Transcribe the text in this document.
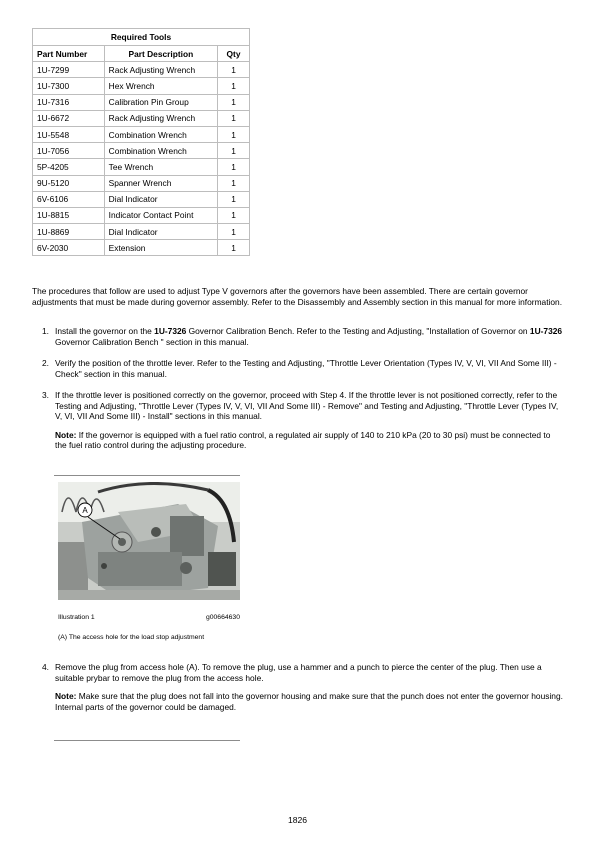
Required Tools		
Part Number	Part Description	Qty
1U-7299	Rack Adjusting Wrench	1
1U-7300	Hex Wrench	1
1U-7316	Calibration Pin Group	1
1U-6672	Rack Adjusting Wrench	1
1U-5548	Combination Wrench	1
1U-7056	Combination Wrench	1
5P-4205	Tee Wrench	1
9U-5120	Spanner Wrench	1
6V-6106	Dial Indicator	1
1U-8815	Indicator Contact Point	1
1U-8869	Dial Indicator	1
6V-2030	Extension	1

The procedures that follow are used to adjust Type V governors after the governors have been assembled. There are certain governor adjustments that must be made during governor assembly. Refer to the Disassembly and Assembly section in this manual for more information.

1. Install the governor on the 1U-7326 Governor Calibration Bench. Refer to the Testing and Adjusting, "Installation of Governor on 1U-7326 Governor Calibration Bench " section in this manual.
2. Verify the position of the throttle lever. Refer to the Testing and Adjusting, "Throttle Lever Orientation (Types IV, V, VI, VII And Some III) - Check" section in this manual.
3. If the throttle lever is positioned correctly on the governor, proceed with Step 4. If the throttle lever is not positioned correctly, refer to the Testing and Adjusting, "Throttle Lever (Types IV, V, VI, VII And Some III) - Remove" and Testing and Adjusting, "Throttle Lever (Types IV, V, VI, VII And Some III) - Install" sections in this manual.
Note: If the governor is equipped with a fuel ratio control, a regulated air supply of 140 to 210 kPa (20 to 30 psi) must be connected to the fuel ratio control during the adjusting procedure.
A
Illustration 1	g00664630
(A) The access hole for the load stop adjustment
4. Remove the plug from access hole (A). To remove the plug, use a hammer and a punch to pierce the center of the plug. Then use a suitable prybar to remove the plug from the access hole.
Note: Make sure that the plug does not fall into the governor housing and make sure that the punch does not enter the governor housing. Internal parts of the governor could be damaged.
1826
